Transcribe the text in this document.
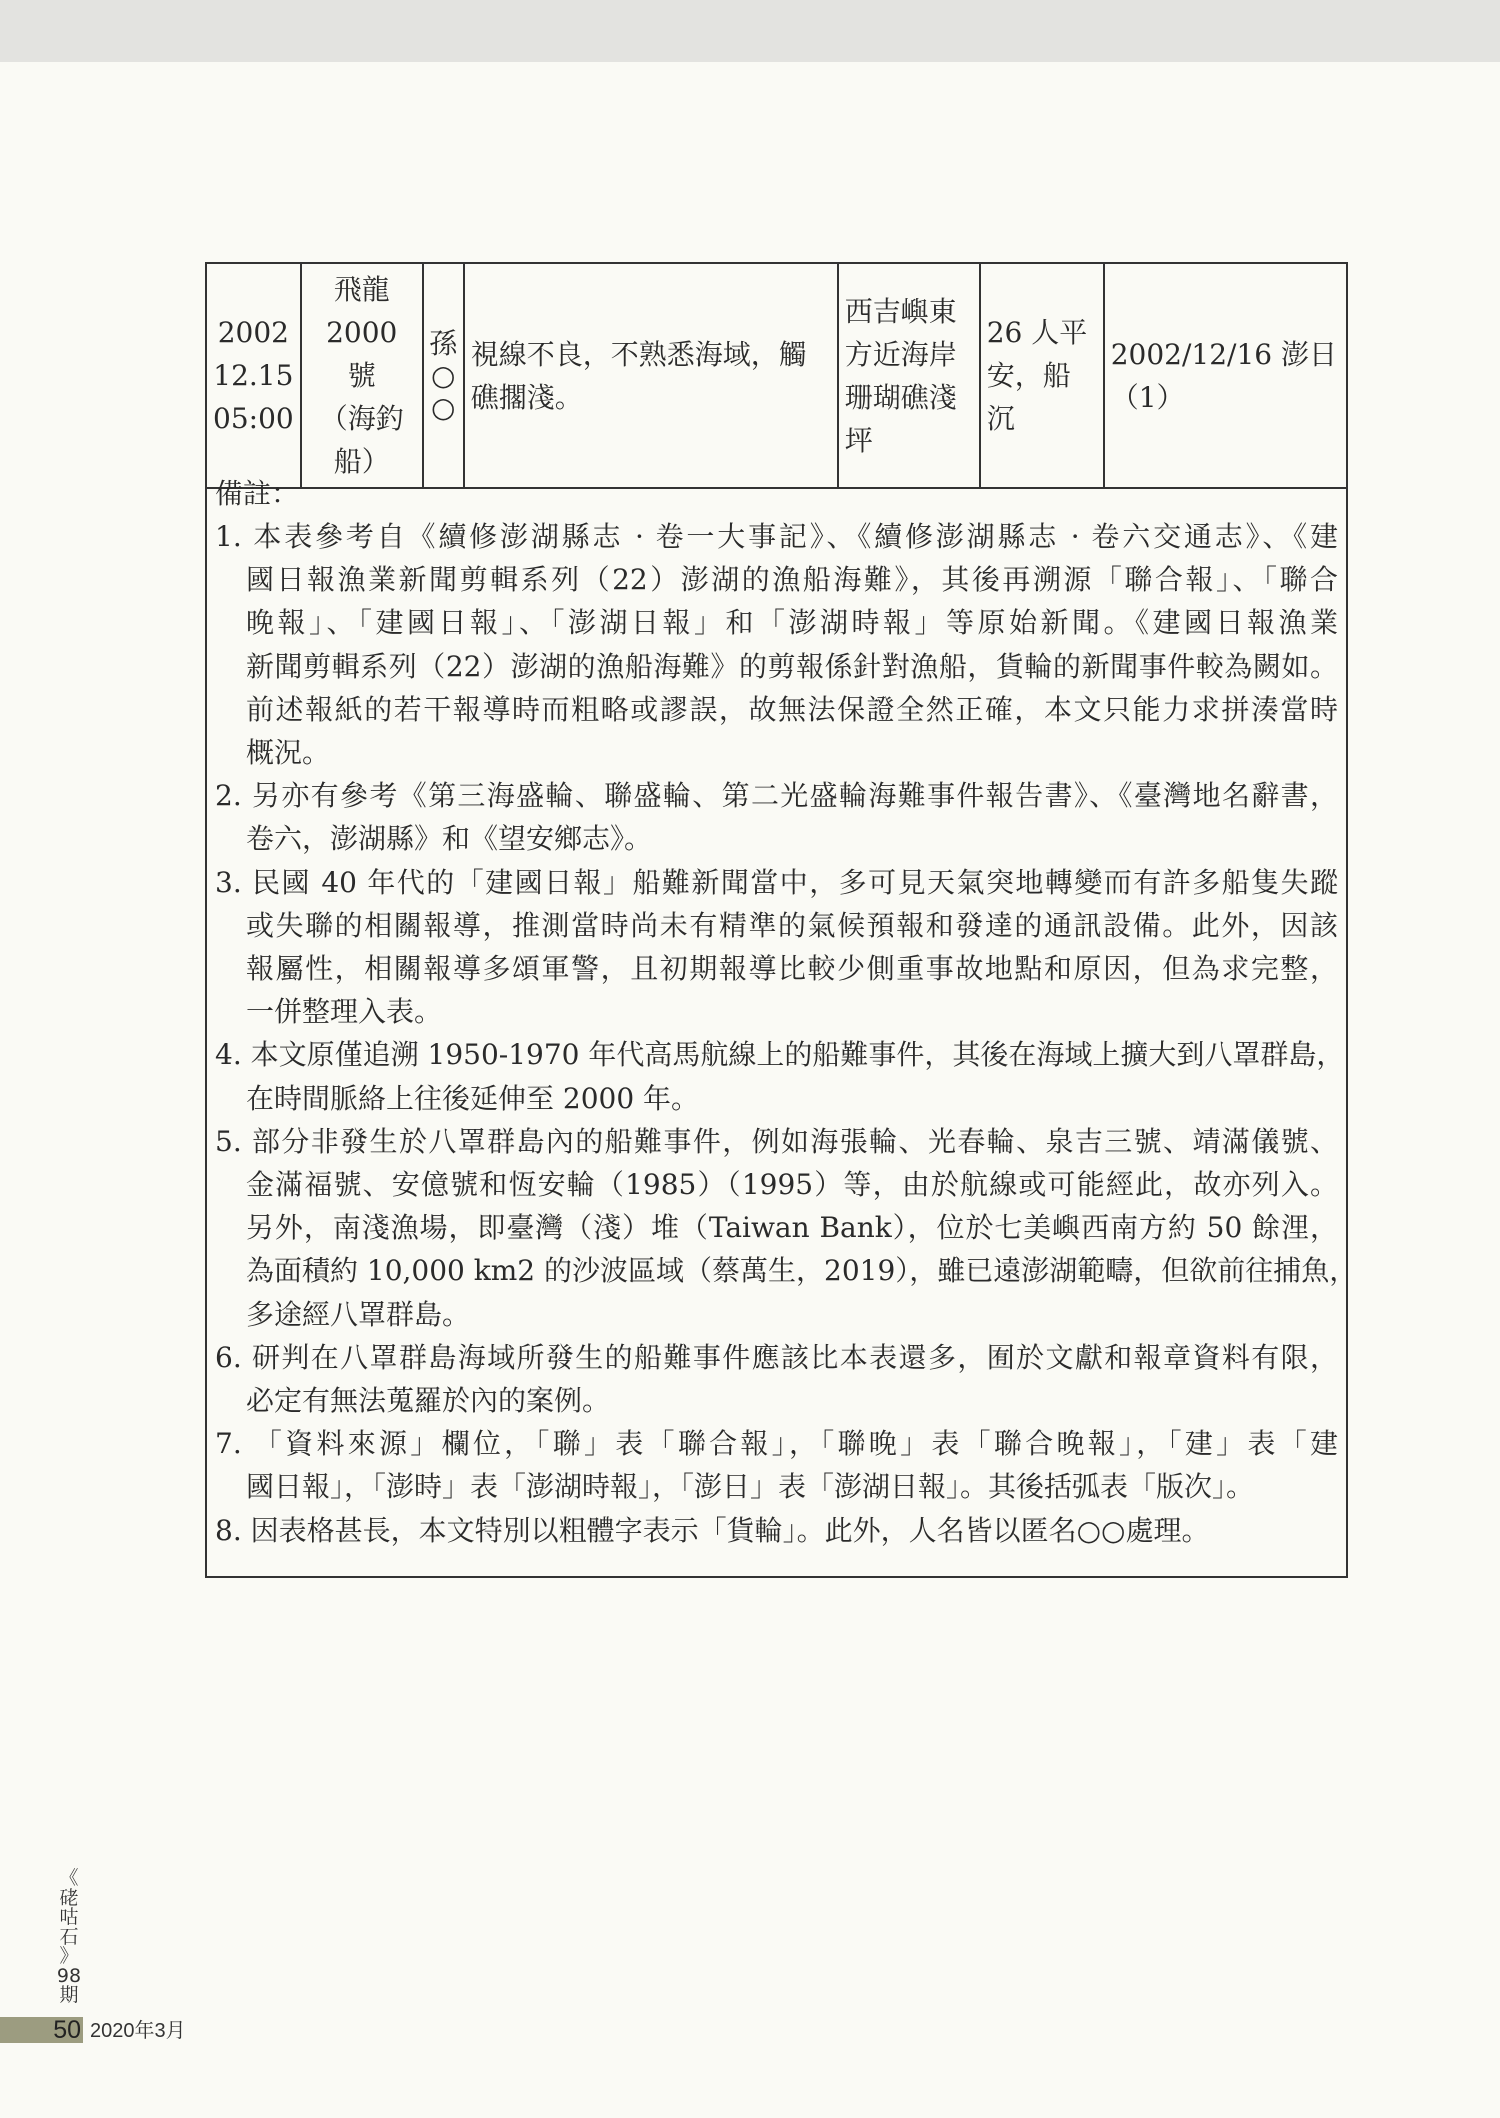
2002
12.15
05:00

飛龍
2000 號
（海釣
船）

孫
○
○

視線不良，不熟悉海域，觸
礁擱淺。

西吉嶼東
方近海岸
珊瑚礁淺
坪

26 人平
安，船沉

2002/12/16 澎日
（1）
備註：
1. 本表參考自《續修澎湖縣志 · 卷一大事記》、《續修澎湖縣志 · 卷六交通志》、《建
國日報漁業新聞剪輯系列（22）澎湖的漁船海難》，其後再溯源「聯合報」、「聯合
晚報」、「建國日報」、「澎湖日報」和「澎湖時報」等原始新聞。《建國日報漁業
新聞剪輯系列（22）澎湖的漁船海難》的剪報係針對漁船，貨輪的新聞事件較為闕如。
前述報紙的若干報導時而粗略或謬誤，故無法保證全然正確，本文只能力求拼湊當時
概況。
2. 另亦有參考《第三海盛輪、聯盛輪、第二光盛輪海難事件報告書》、《臺灣地名辭書，
卷六，澎湖縣》和《望安鄉志》。
3. 民國 40 年代的「建國日報」船難新聞當中，多可見天氣突地轉變而有許多船隻失蹤
或失聯的相關報導，推測當時尚未有精準的氣候預報和發達的通訊設備。此外，因該
報屬性，相關報導多頌軍警，且初期報導比較少側重事故地點和原因，但為求完整，
一併整理入表。
4. 本文原僅追溯 1950-1970 年代高馬航線上的船難事件，其後在海域上擴大到八罩群島，
在時間脈絡上往後延伸至 2000 年。
5. 部分非發生於八罩群島內的船難事件，例如海張輪、光春輪、泉吉三號、靖滿儀號、
金滿福號、安億號和恆安輪（1985）（1995）等，由於航線或可能經此，故亦列入。
另外，南淺漁場，即臺灣（淺）堆（Taiwan Bank），位於七美嶼西南方約 50 餘浬，
為面積約 10,000 km2 的沙波區域（蔡萬生，2019），雖已遠澎湖範疇，但欲前往捕魚，
多途經八罩群島。
6. 研判在八罩群島海域所發生的船難事件應該比本表還多，囿於文獻和報章資料有限，
必定有無法蒐羅於內的案例。
7. 「資料來源」欄位，「聯」表「聯合報」，「聯晚」表「聯合晚報」，「建」表「建
國日報」，「澎時」表「澎湖時報」，「澎日」表「澎湖日報」。其後括弧表「版次」。
8. 因表格甚長，本文特別以粗體字表示「貨輪」。此外，人名皆以匿名○○處理。
《
硓
咕
石
》
98
期
50 2020年3月
